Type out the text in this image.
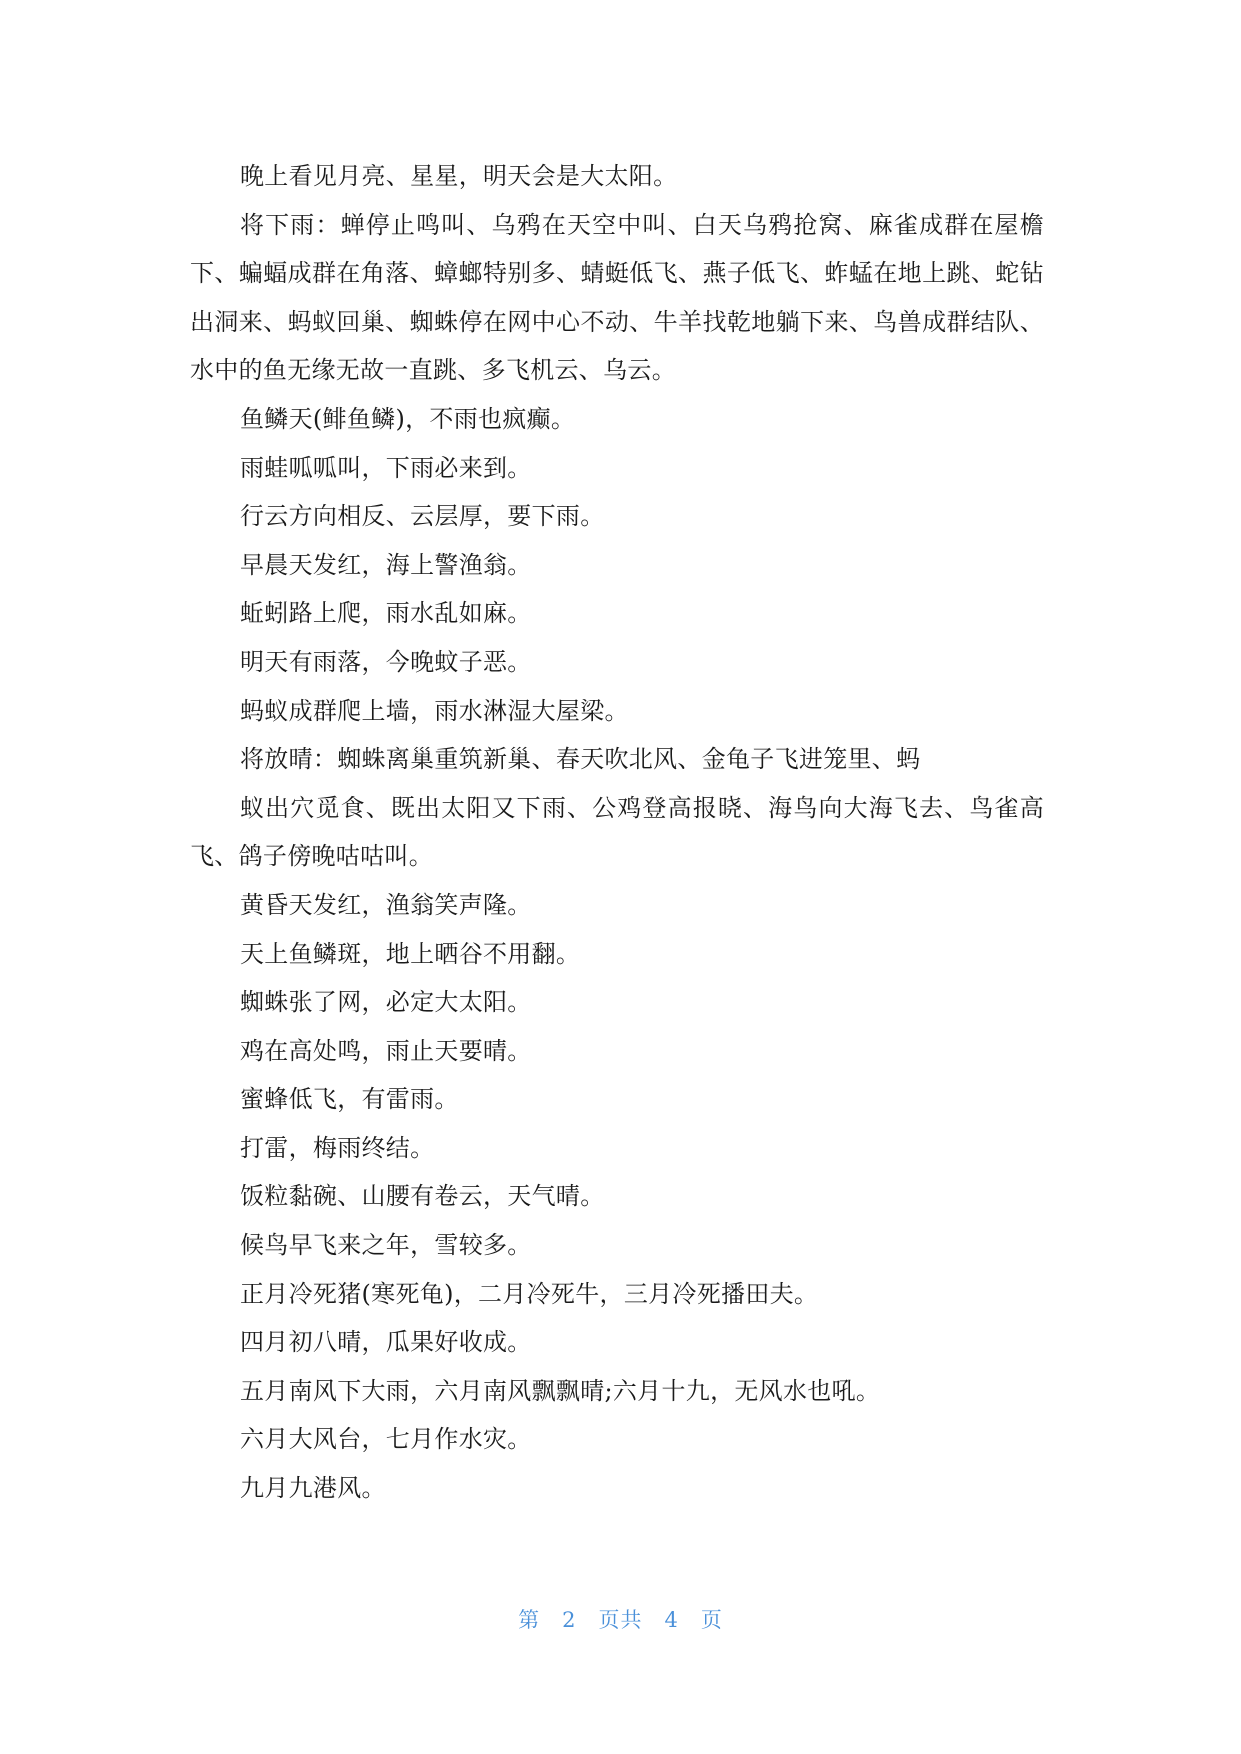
晚上看见月亮、星星，明天会是大太阳。

将下雨：蝉停止鸣叫、乌鸦在天空中叫、白天乌鸦抢窝、麻雀成群在屋檐下、蝙蝠成群在角落、蟑螂特别多、蜻蜓低飞、燕子低飞、蚱蜢在地上跳、蛇钻出洞来、蚂蚁回巢、蜘蛛停在网中心不动、牛羊找乾地躺下来、鸟兽成群结队、水中的鱼无缘无故一直跳、多飞机云、乌云。

鱼鳞天(鲱鱼鳞)，不雨也疯癫。

雨蛙呱呱叫，下雨必来到。

行云方向相反、云层厚，要下雨。

早晨天发红，海上警渔翁。

蚯蚓路上爬，雨水乱如麻。

明天有雨落，今晚蚊子恶。

蚂蚁成群爬上墙，雨水淋湿大屋梁。

将放晴：蜘蛛离巢重筑新巢、春天吹北风、金龟子飞进笼里、蚂

蚁出穴觅食、既出太阳又下雨、公鸡登高报晓、海鸟向大海飞去、鸟雀高飞、鸽子傍晚咕咕叫。

黄昏天发红，渔翁笑声隆。

天上鱼鳞斑，地上晒谷不用翻。

蜘蛛张了网，必定大太阳。

鸡在高处鸣，雨止天要晴。

蜜蜂低飞，有雷雨。

打雷，梅雨终结。

饭粒黏碗、山腰有卷云，天气晴。

候鸟早飞来之年，雪较多。

正月冷死猪(寒死龟)，二月冷死牛，三月冷死播田夫。

四月初八晴，瓜果好收成。

五月南风下大雨，六月南风飘飘晴;六月十九，无风水也吼。

六月大风台，七月作水灾。

九月九港风。

第 2 页共 4 页
